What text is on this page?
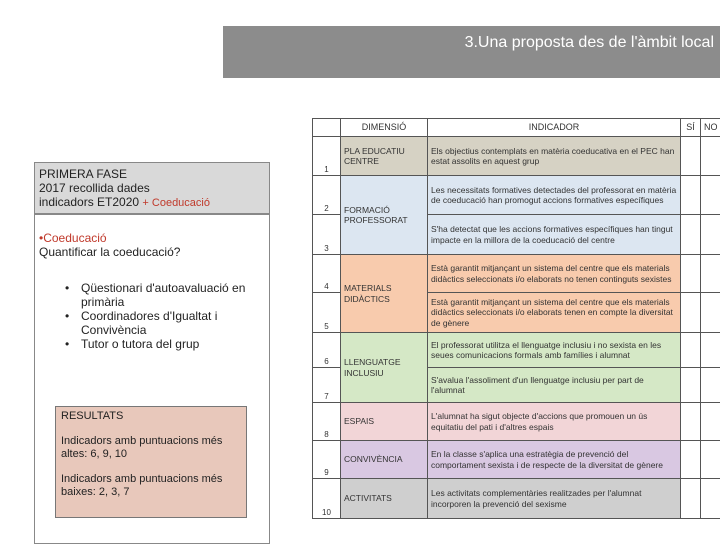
3.Una proposta des de l'àmbit local
PRIMERA FASE
2017 recollida dades
indicadors ET2020 + Coeducació
•Coeducació
Quantificar la coeducació?
• Qüestionari d'autoavaluació en primària
• Coordinadores d'Igualtat i Convivència
• Tutor o tutora del grup

RESULTATS

Indicadors amb puntuacions més altes: 6, 9, 10

Indicadors amb puntuacions més baixes: 2, 3, 7

	DIMENSIÓ	INDICADOR	SÍ	NO
1	PLA EDUCATIU CENTRE	Els objectius contemplats en matèria coeducativa en el PEC han estat assolits en aquest grup		
2	FORMACIÓ PROFESSORAT	Les necessitats formatives detectades del professorat en matèria de coeducació han promogut accions formatives específiques		
3		S'ha detectat que les accions formatives específiques han tingut impacte en la millora de la coeducació del centre		
4	MATERIALS DIDÀCTICS	Està garantit mitjançant un sistema del centre que els materials didàctics seleccionats i/o elaborats no tenen continguts sexistes		
5		Està garantit mitjançant un sistema del centre que els materials didàctics seleccionats i/o elaborats tenen en compte la diversitat de gènere		
6	LLENGUATGE INCLUSIU	El professorat utilitza el llenguatge inclusiu i no sexista en les seues comunicacions formals amb famílies i alumnat		
7		S'avalua l'assoliment d'un llenguatge inclusiu per part de l'alumnat		
8	ESPAIS	L'alumnat ha sigut objecte d'accions que promouen un ús equitatiu del pati i d'altres espais		
9	CONVIVÈNCIA	En la classe s'aplica una estratègia de prevenció del comportament sexista i de respecte de la diversitat de gènere		
10	ACTIVITATS	Les activitats complementàries realitzades per l'alumnat incorporen la prevenció del sexisme		
